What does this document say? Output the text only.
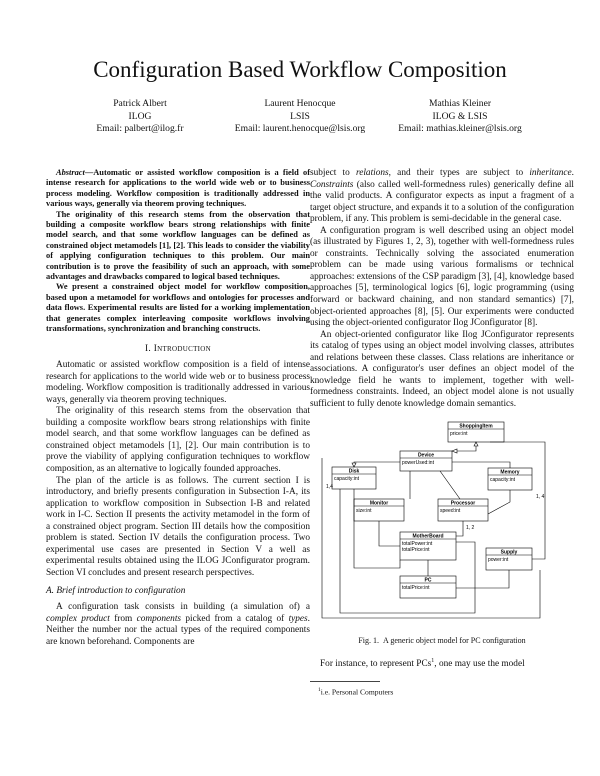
Configuration Based Workflow Composition
Patrick Albert
ILOG
Email: palbert@ilog.fr
Laurent Henocque
LSIS
Email: laurent.henocque@lsis.org
Mathias Kleiner
ILOG & LSIS
Email: mathias.kleiner@lsis.org

Abstract—Automatic or assisted workflow composition is a field of intense research for applications to the world wide web or to business process modeling. Workflow composition is traditionally addressed in various ways, generally via theorem proving techniques.

The originality of this research stems from the observation that building a composite workflow bears strong relationships with finite model search, and that some workflow languages can be defined as constrained object metamodels [1], [2]. This leads to consider the viability of applying configuration techniques to this problem. Our main contribution is to prove the feasibility of such an approach, with some advantages and drawbacks compared to logical based techniques.

We present a constrained object model for workflow composition, based upon a metamodel for workflows and ontologies for processes and data flows. Experimental results are listed for a working implementation that generates complex interleaving composite workflows involving transformations, synchronization and branching constructs.

I. Introduction

Automatic or assisted workflow composition is a field of intense research for applications to the world wide web or to business process modeling. Workflow composition is traditionally addressed in various ways, generally via theorem proving techniques.

The originality of this research stems from the observation that building a composite workflow bears strong relationships with finite model search, and that some workflow languages can be defined as constrained object metamodels [1], [2]. Our main contribution is to prove the viability of applying configuration techniques to workflow composition, as an alternative to logically founded approaches.

The plan of the article is as follows. The current section I is introductory, and briefly presents configuration in Subsection I-A, its application to workflow composition in Subsection I-B and related work in I-C. Section II presents the activity metamodel in the form of a constrained object program. Section III details how the composition problem is stated. Section IV details the configuration process. Two experimental use cases are presented in Section V a well as experimental results obtained using the ILOG JConfigurator program. Section VI concludes and present research perspectives.

A. Brief introduction to configuration

A configuration task consists in building (a simulation of) a complex product from components picked from a catalog of types. Neither the number nor the actual types of the required components are known beforehand. Components are

subject to relations, and their types are subject to inheritance. Constraints (also called well-formedness rules) generically define all the valid products. A configurator expects as input a fragment of a target object structure, and expands it to a solution of the configuration problem, if any. This problem is semi-decidable in the general case.

A configuration program is well described using an object model (as illustrated by Figures 1, 2, 3), together with well-formedness rules or constraints. Technically solving the associated enumeration problem can be made using various formalisms or technical approaches: extensions of the CSP paradigm [3], [4], knowledge based approaches [5], terminological logics [6], logic programming (using forward or backward chaining, and non standard semantics) [7], object-oriented approaches [8], [5]. Our experiments were conducted using the object-oriented configurator Ilog JConfigurator [8].

An object-oriented configurator like Ilog JConfigurator represents its catalog of types using an object model involving classes, attributes and relations between these classes. Class relations are inheritance or associations. A configurator's user defines an object model of the knowledge field he wants to implement, together with well-formedness constraints. Indeed, an object model alone is not usually sufficient to fully denote knowledge domain semantics.

ShoppingItem
price:int
Device
powerUsed:int
Disk
capacity:int
Memory
capacity:int
Monitor
size:int
Processor
speed:int
MotherBoard
totalPower:int
totalPrice:int	Supply
power:int
PC
totalPrice:int
1,4
1, 4
1, 2
Fig. 1. A generic object model for PC configuration

For instance, to represent PCs$^1$, one may use the model

$^1$i.e. Personal Computers
